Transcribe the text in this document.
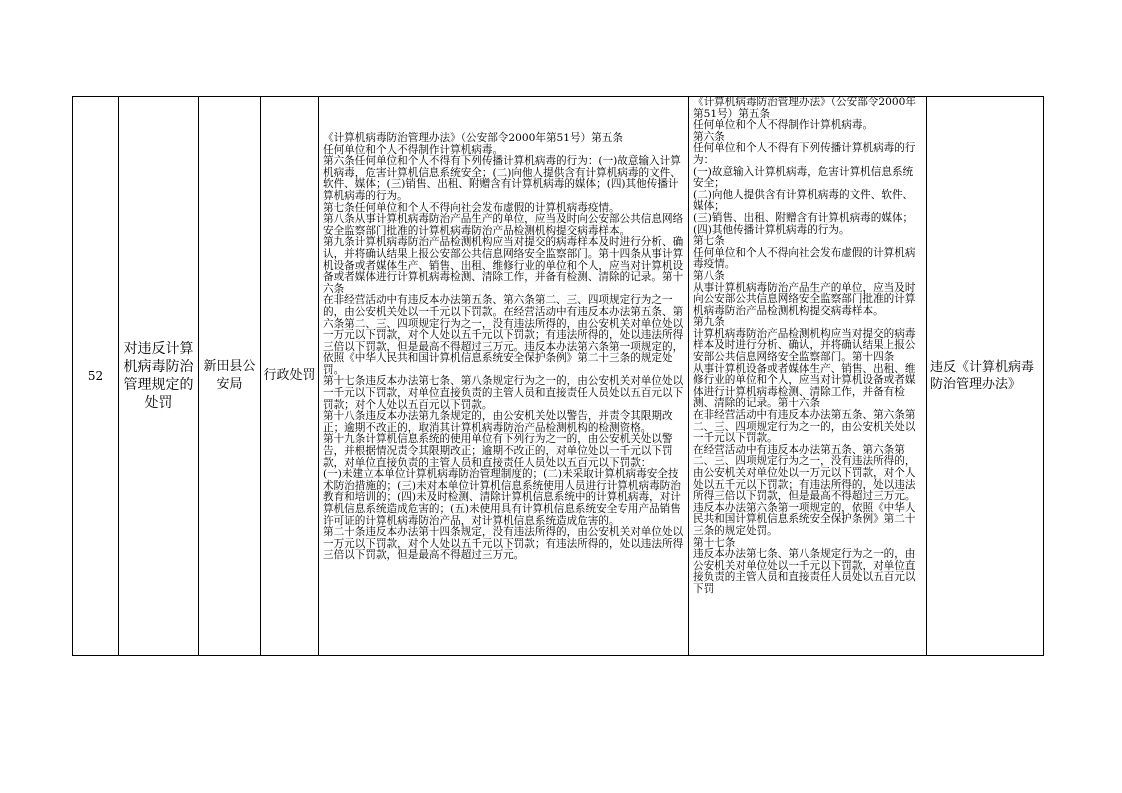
52
对违反计算机病毒防治管理规定的处罚
新田县公安局
行政处罚
《计算机病毒防治管理办法》（公安部令2000年第51号）第五条
任何单位和个人不得制作计算机病毒。
第六条任何单位和个人不得有下列传播计算机病毒的行为：(一)故意输入计算机病毒，危害计算机信息系统安全；(二)向他人提供含有计算机病毒的文件、软件、媒体；(三)销售、出租、附赠含有计算机病毒的媒体；(四)其他传播计算机病毒的行为。
第七条任何单位和个人不得向社会发布虚假的计算机病毒疫情。
第八条从事计算机病毒防治产品生产的单位，应当及时向公安部公共信息网络安全监察部门批准的计算机病毒防治产品检测机构提交病毒样本。
第九条计算机病毒防治产品检测机构应当对提交的病毒样本及时进行分析、确认，并将确认结果上报公安部公共信息网络安全监察部门。第十四条从事计算机设备或者媒体生产、销售、出租、维修行业的单位和个人，应当对计算机设备或者媒体进行计算机病毒检测、清除工作，并备有检测、清除的记录。第十六条
在非经营活动中有违反本办法第五条、第六条第二、三、四项规定行为之一的，由公安机关处以一千元以下罚款。在经营活动中有违反本办法第五条、第六条第二、三、四项规定行为之一，没有违法所得的，由公安机关对单位处以一万元以下罚款，对个人处以五千元以下罚款；有违法所得的，处以违法所得三倍以下罚款，但是最高不得超过三万元。违反本办法第六条第一项规定的，依照《中华人民共和国计算机信息系统安全保护条例》第二十三条的规定处罚。
第十七条违反本办法第七条、第八条规定行为之一的，由公安机关对单位处以一千元以下罚款，对单位直接负责的主管人员和直接责任人员处以五百元以下罚款；对个人处以五百元以下罚款。
第十八条违反本办法第九条规定的，由公安机关处以警告，并责令其限期改正；逾期不改正的，取消其计算机病毒防治产品检测机构的检测资格。
第十九条计算机信息系统的使用单位有下列行为之一的，由公安机关处以警告，并根据情况责令其限期改正；逾期不改正的，对单位处以一千元以下罚款，对单位直接负责的主管人员和直接责任人员处以五百元以下罚款：
(一)未建立本单位计算机病毒防治管理制度的；(二)未采取计算机病毒安全技术防治措施的；(三)未对本单位计算机信息系统使用人员进行计算机病毒防治教育和培训的；(四)未及时检测、清除计算机信息系统中的计算机病毒，对计算机信息系统造成危害的；(五)未使用具有计算机信息系统安全专用产品销售许可证的计算机病毒防治产品，对计算机信息系统造成危害的。
第二十条违反本办法第十四条规定，没有违法所得的，由公安机关对单位处以一万元以下罚款，对个人处以五千元以下罚款；有违法所得的，处以违法所得三倍以下罚款，但是最高不得超过三万元。
《计算机病毒防治管理办法》（公安部令2000年第51号）第五条
任何单位和个人不得制作计算机病毒。
第六条
任何单位和个人不得有下列传播计算机病毒的行为：
(一)故意输入计算机病毒，危害计算机信息系统安全；
(二)向他人提供含有计算机病毒的文件、软件、媒体；
(三)销售、出租、附赠含有计算机病毒的媒体；
(四)其他传播计算机病毒的行为。
第七条
任何单位和个人不得向社会发布虚假的计算机病毒疫情。
第八条
从事计算机病毒防治产品生产的单位，应当及时向公安部公共信息网络安全监察部门批准的计算机病毒防治产品检测机构提交病毒样本。
第九条
计算机病毒防治产品检测机构应当对提交的病毒样本及时进行分析、确认，并将确认结果上报公安部公共信息网络安全监察部门。第十四条
从事计算机设备或者媒体生产、销售、出租、维修行业的单位和个人，应当对计算机设备或者媒体进行计算机病毒检测、清除工作，并备有检测、清除的记录。第十六条
在非经营活动中有违反本办法第五条、第六条第二、三、四项规定行为之一的，由公安机关处以一千元以下罚款。
在经营活动中有违反本办法第五条、第六条第二、三、四项规定行为之一，没有违法所得的，由公安机关对单位处以一万元以下罚款，对个人处以五千元以下罚款；有违法所得的，处以违法所得三倍以下罚款，但是最高不得超过三万元。
违反本办法第六条第一项规定的，依照《中华人民共和国计算机信息系统安全保护条例》第二十三条的规定处罚。
第十七条
违反本办法第七条、第八条规定行为之一的，由公安机关对单位处以一千元以下罚款，对单位直接负责的主管人员和直接责任人员处以五百元以下罚
违反《计算机病毒防治管理办法》
